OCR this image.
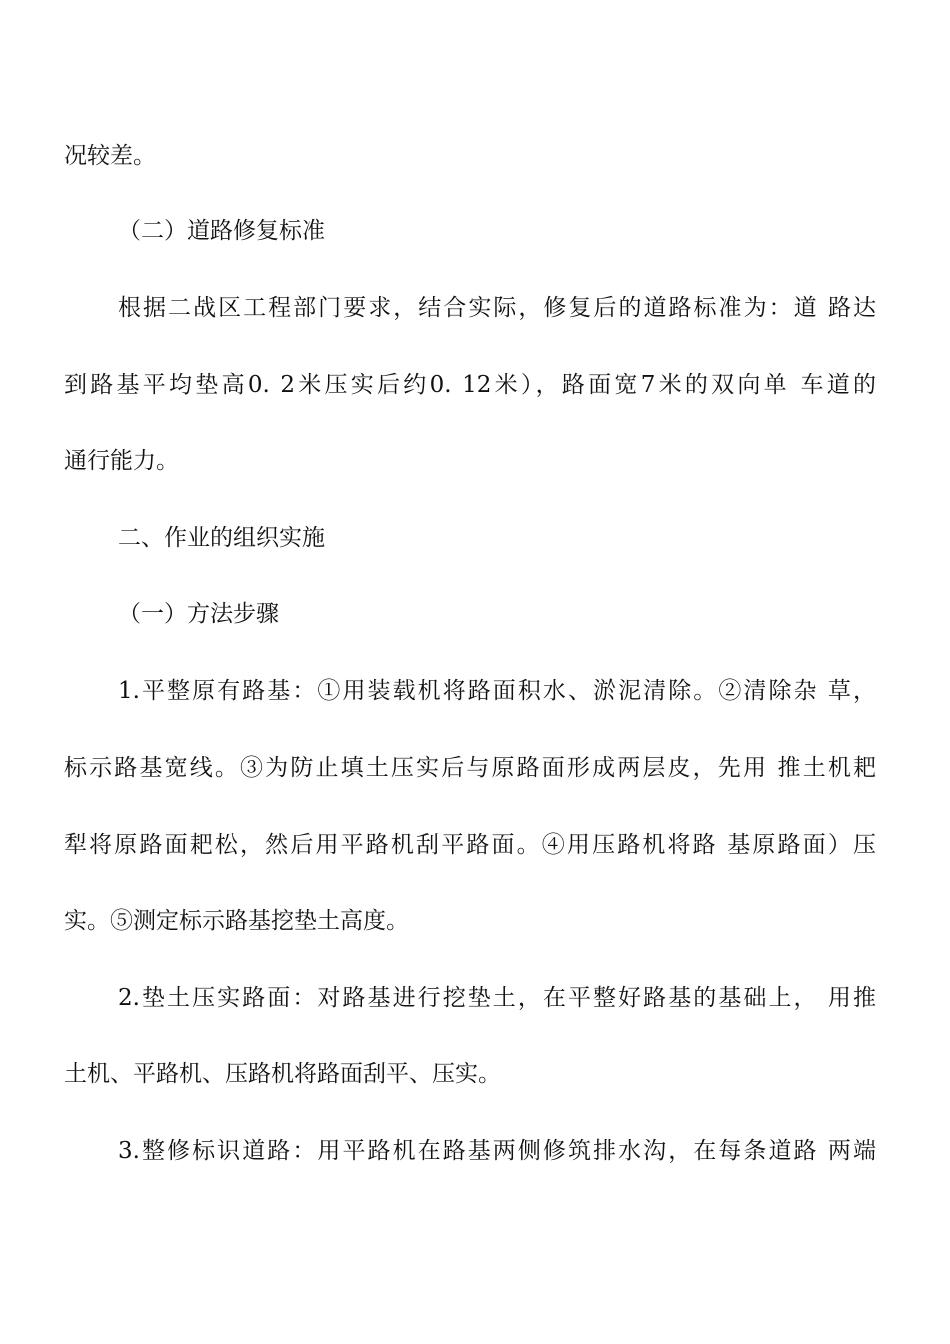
况较差。
（二）道路修复标准
根据二战区工程部门要求，结合实际，修复后的道路标准为：道 路达
到路基平均垫高0. 2米压实后约0. 12米），路面宽7米的双向单 车道的
通行能力。
二、作业的组织实施
（一）方法步骤
1.平整原有路基：①用装载机将路面积水、淤泥清除。②清除杂 草，
标示路基宽线。③为防止填土压实后与原路面形成两层皮，先用 推土机耙
犁将原路面耙松，然后用平路机刮平路面。④用压路机将路 基原路面）压
实。⑤测定标示路基挖垫土高度。
2.垫土压实路面：对路基进行挖垫土，在平整好路基的基础上， 用推
土机、平路机、压路机将路面刮平、压实。
3.整修标识道路：用平路机在路基两侧修筑排水沟，在每条道路 两端
